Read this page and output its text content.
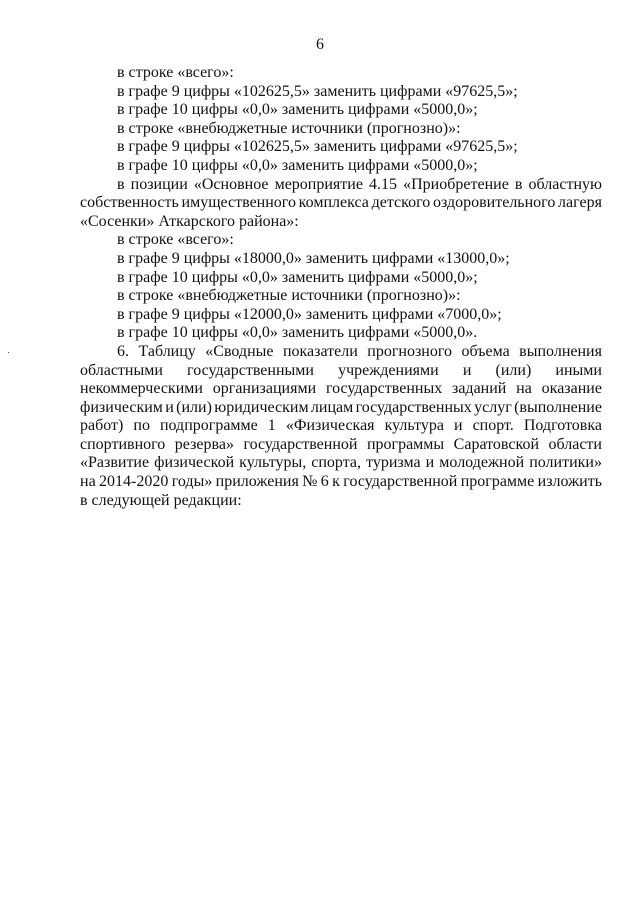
6
в строке «всего»:
в графе 9 цифры «102625,5» заменить цифрами «97625,5»;
в графе 10 цифры «0,0» заменить цифрами «5000,0»;
в строке «внебюджетные источники (прогнозно)»:
в графе 9 цифры «102625,5» заменить цифрами «97625,5»;
в графе 10 цифры «0,0» заменить цифрами «5000,0»;
в позиции «Основное мероприятие 4.15 «Приобретение в областную
собственность имущественного комплекса детского оздоровительного лагеря
«Сосенки» Аткарского района»:
в строке «всего»:
в графе 9 цифры «18000,0» заменить цифрами «13000,0»;
в графе 10 цифры «0,0» заменить цифрами «5000,0»;
в строке «внебюджетные источники (прогнозно)»:
в графе 9 цифры «12000,0» заменить цифрами «7000,0»;
в графе 10 цифры «0,0» заменить цифрами «5000,0».
6. Таблицу «Сводные показатели прогнозного объема выполнения
областными государственными учреждениями и (или) иными
некоммерческими организациями государственных заданий на оказание
физическим и (или) юридическим лицам государственных услуг (выполнение
работ) по подпрограмме 1 «Физическая культура и спорт. Подготовка
спортивного резерва» государственной программы Саратовской области
«Развитие физической культуры, спорта, туризма и молодежной политики»
на 2014-2020 годы» приложения № 6 к государственной программе изложить
в следующей редакции:
